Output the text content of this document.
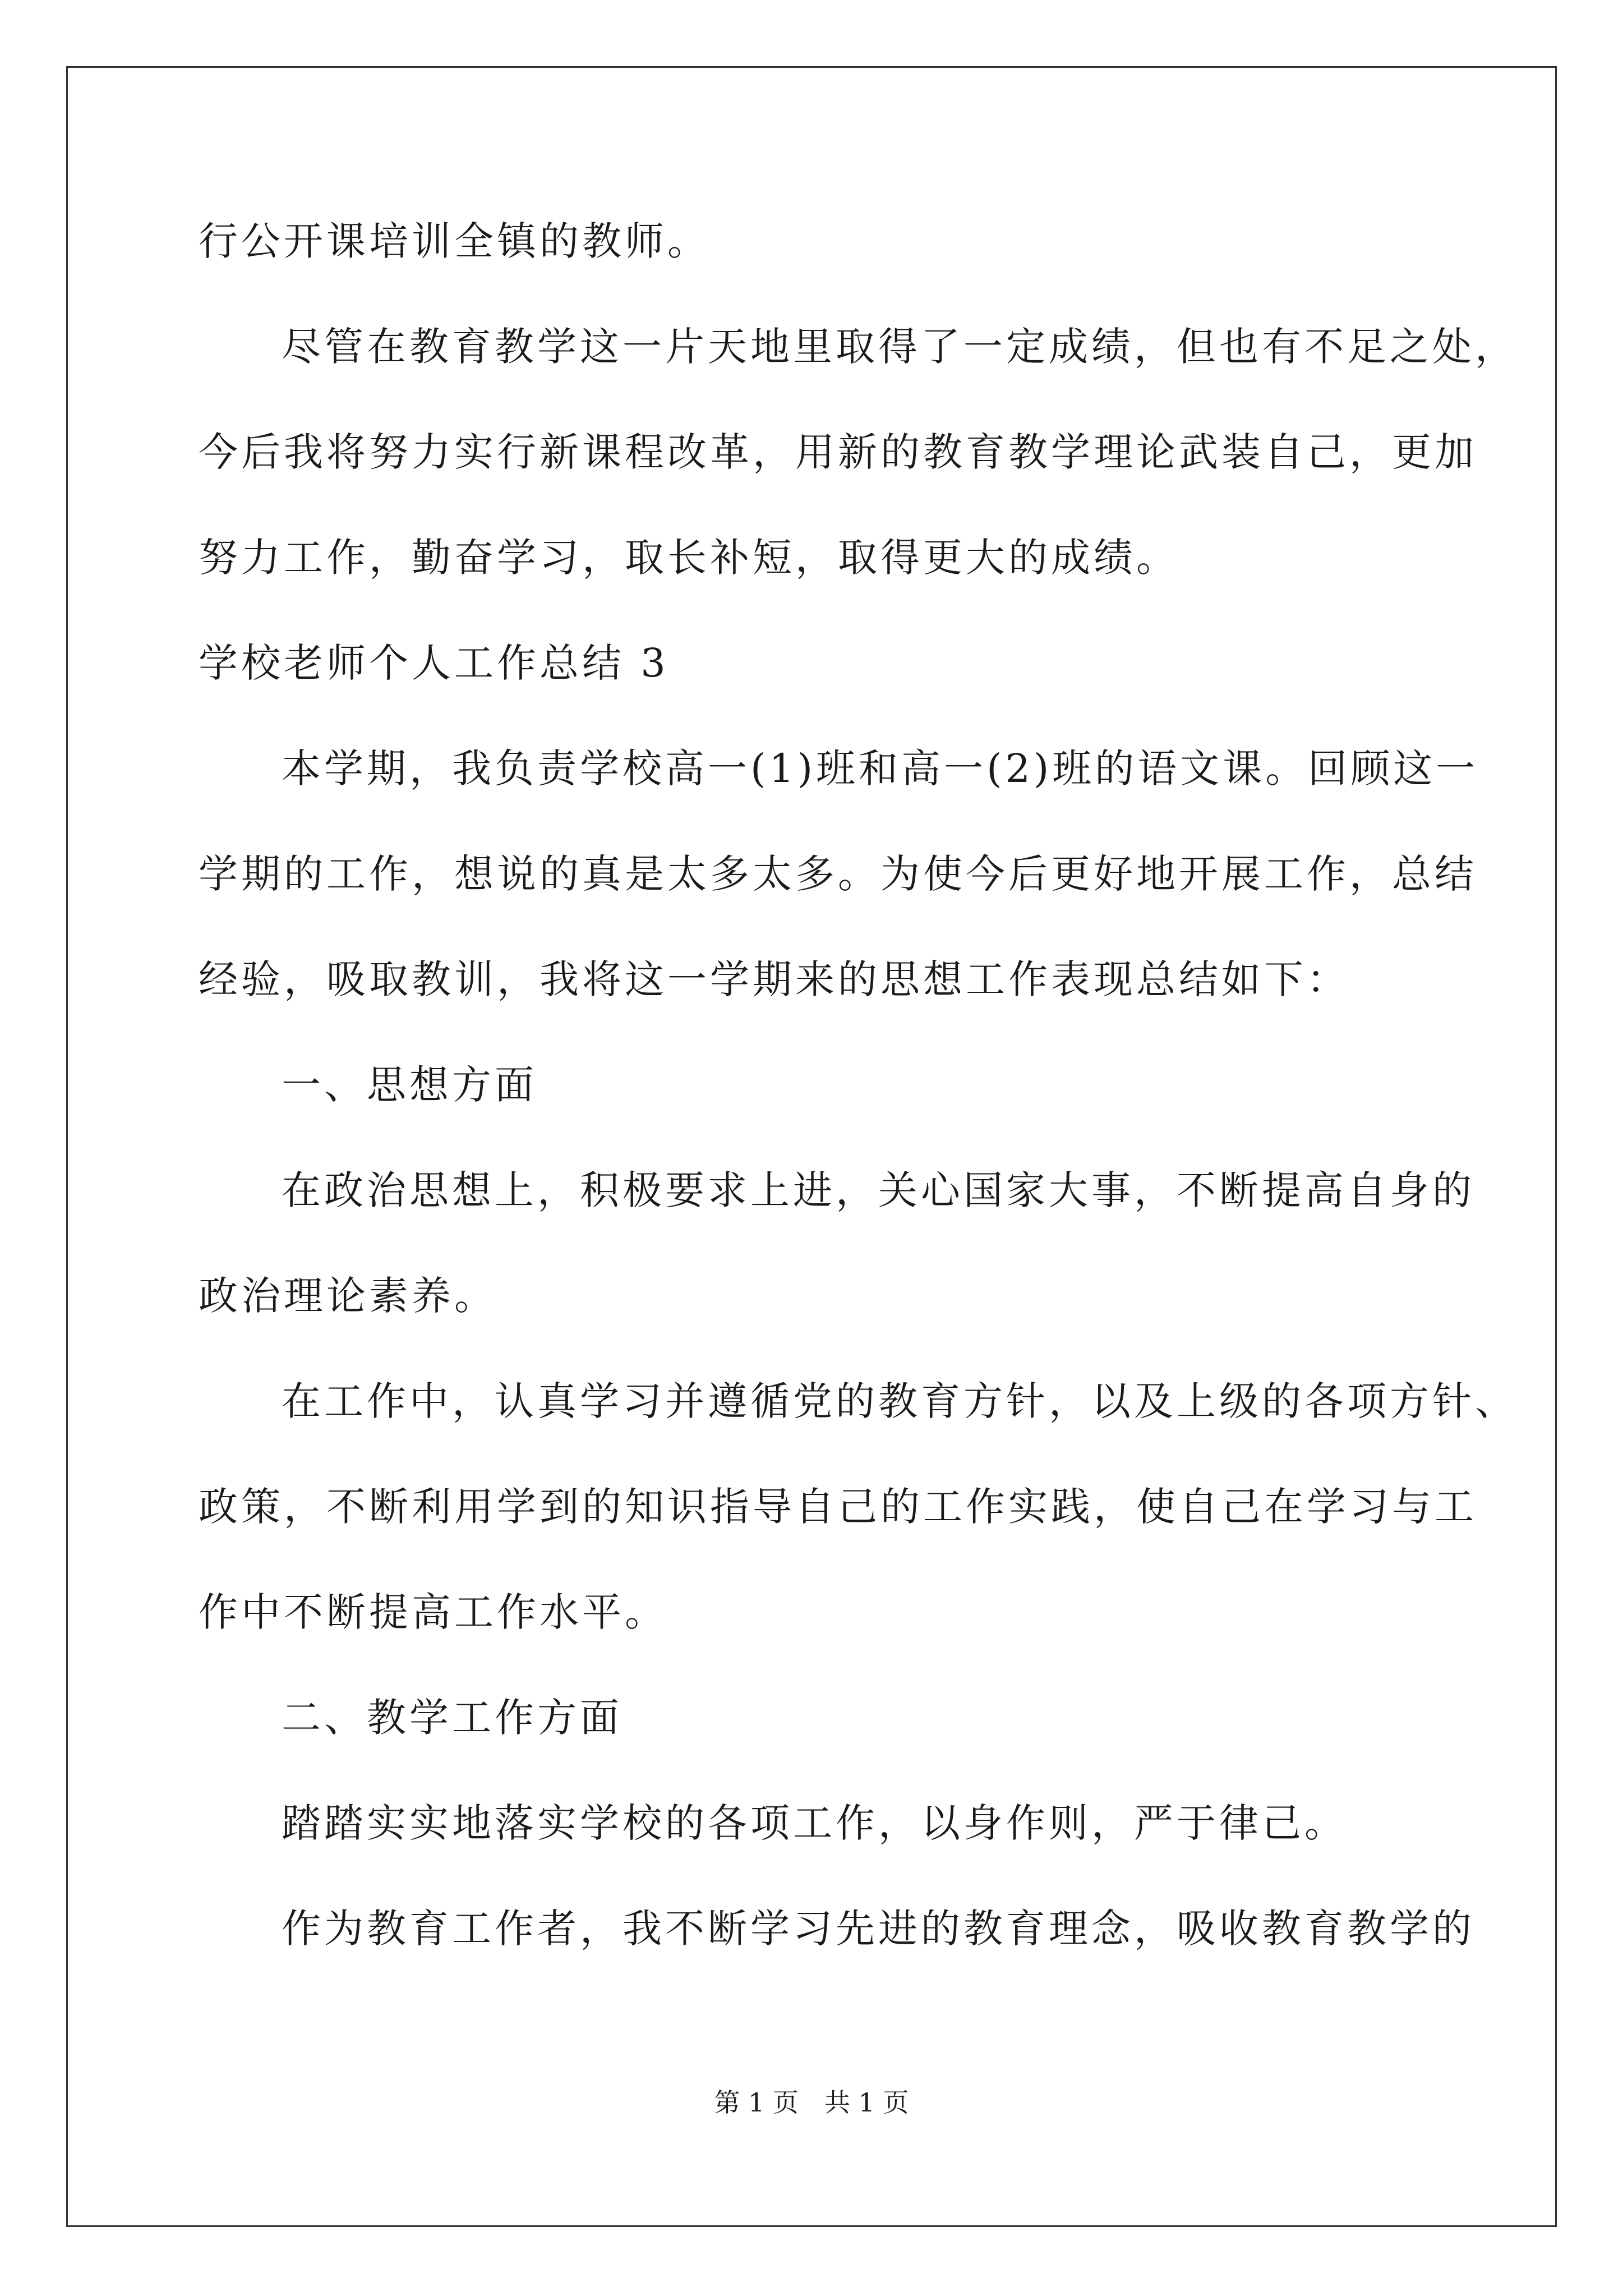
行公开课培训全镇的教师。
尽管在教育教学这一片天地里取得了一定成绩，但也有不足之处，
今后我将努力实行新课程改革，用新的教育教学理论武装自己，更加
努力工作，勤奋学习，取长补短，取得更大的成绩。
学校老师个人工作总结 3
本学期，我负责学校高一(1)班和高一(2)班的语文课。回顾这一
学期的工作，想说的真是太多太多。为使今后更好地开展工作，总结
经验，吸取教训，我将这一学期来的思想工作表现总结如下：
一、思想方面
在政治思想上，积极要求上进，关心国家大事，不断提高自身的
政治理论素养。
在工作中，认真学习并遵循党的教育方针，以及上级的各项方针、
政策，不断利用学到的知识指导自己的工作实践，使自己在学习与工
作中不断提高工作水平。
二、教学工作方面
踏踏实实地落实学校的各项工作，以身作则，严于律己。
作为教育工作者，我不断学习先进的教育理念，吸收教育教学的
第 1 页　共 1 页
